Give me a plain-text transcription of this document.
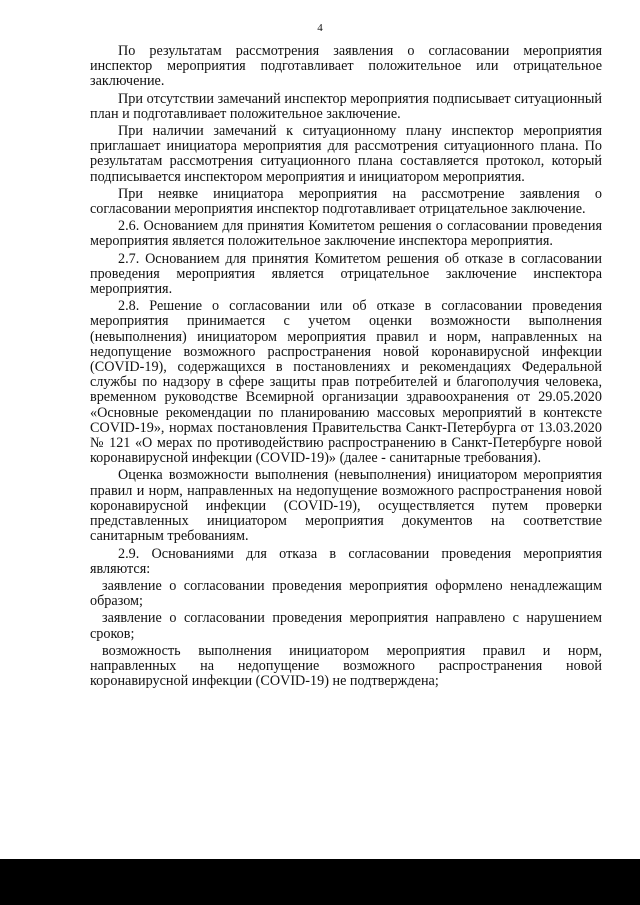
4

По результатам рассмотрения заявления о согласовании мероприятия инспектор мероприятия подготавливает положительное или отрицательное заключение.

При отсутствии замечаний инспектор мероприятия подписывает ситуационный план и подготавливает положительное заключение.

При наличии замечаний к ситуационному плану инспектор мероприятия приглашает инициатора мероприятия для рассмотрения ситуационного плана. По результатам рассмотрения ситуационного плана составляется протокол, который подписывается инспектором мероприятия и инициатором мероприятия.

При неявке инициатора мероприятия на рассмотрение заявления о согласовании мероприятия инспектор подготавливает отрицательное заключение.

2.6. Основанием для принятия Комитетом решения о согласовании проведения мероприятия является положительное заключение инспектора мероприятия.

2.7. Основанием для принятия Комитетом решения об отказе в согласовании проведения мероприятия является отрицательное заключение инспектора мероприятия.

2.8. Решение о согласовании или об отказе в согласовании проведения мероприятия принимается с учетом оценки возможности выполнения (невыполнения) инициатором мероприятия правил и норм, направленных на недопущение возможного распространения новой коронавирусной инфекции (COVID-19), содержащихся в постановлениях и рекомендациях Федеральной службы по надзору в сфере защиты прав потребителей и благополучия человека, временном руководстве Всемирной организации здравоохранения от 29.05.2020 «Основные рекомендации по планированию массовых мероприятий в контексте COVID-19», нормах постановления Правительства Санкт-Петербурга от 13.03.2020 № 121 «О мерах по противодействию распространению в Санкт-Петербурге новой коронавирусной инфекции (COVID-19)» (далее - санитарные требования).

Оценка возможности выполнения (невыполнения) инициатором мероприятия правил и норм, направленных на недопущение возможного распространения новой коронавирусной инфекции (COVID-19), осуществляется путем проверки представленных инициатором мероприятия документов на соответствие санитарным требованиям.

2.9. Основаниями для отказа в согласовании проведения мероприятия являются:

заявление о согласовании проведения мероприятия оформлено ненадлежащим образом;

заявление о согласовании проведения мероприятия направлено с нарушением сроков;

возможность выполнения инициатором мероприятия правил и норм, направленных на недопущение возможного распространения новой коронавирусной инфекции (COVID-19) не подтверждена;
